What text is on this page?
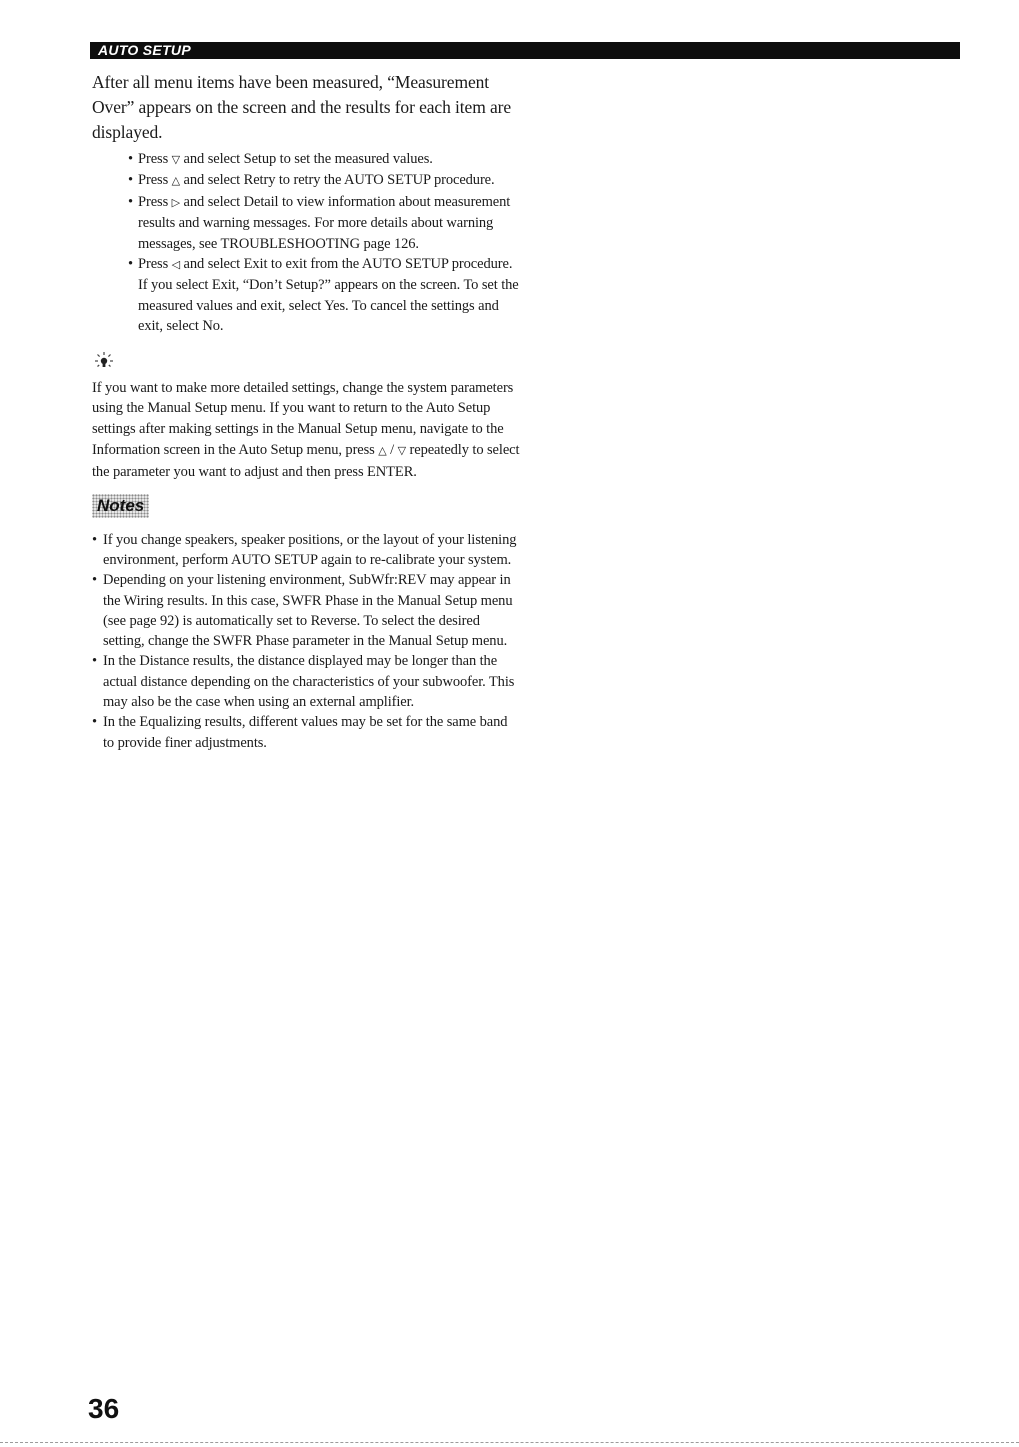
AUTO SETUP

After all menu items have been measured, “Measurement Over” appears on the screen and the results for each item are displayed.

• Press ▽ and select Setup to set the measured values.
• Press △ and select Retry to retry the AUTO SETUP procedure.
• Press ▷ and select Detail to view information about measurement results and warning messages. For more details about warning messages, see TROUBLESHOOTING page 126.
• Press ◁ and select Exit to exit from the AUTO SETUP procedure. If you select Exit, “Don’t Setup?” appears on the screen. To set the measured values and exit, select Yes. To cancel the settings and exit, select No.

If you want to make more detailed settings, change the system parameters using the Manual Setup menu. If you want to return to the Auto Setup settings after making settings in the Manual Setup menu, navigate to the Information screen in the Auto Setup menu, press △ / ▽ repeatedly to select the parameter you want to adjust and then press ENTER.

Notes
• If you change speakers, speaker positions, or the layout of your listening environment, perform AUTO SETUP again to re-calibrate your system.
• Depending on your listening environment, SubWfr:REV may appear in the Wiring results. In this case, SWFR Phase in the Manual Setup menu (see page 92) is automatically set to Reverse. To select the desired setting, change the SWFR Phase parameter in the Manual Setup menu.
• In the Distance results, the distance displayed may be longer than the actual distance depending on the characteristics of your subwoofer. This may also be the case when using an external amplifier.
• In the Equalizing results, different values may be set for the same band to provide finer adjustments.
36
